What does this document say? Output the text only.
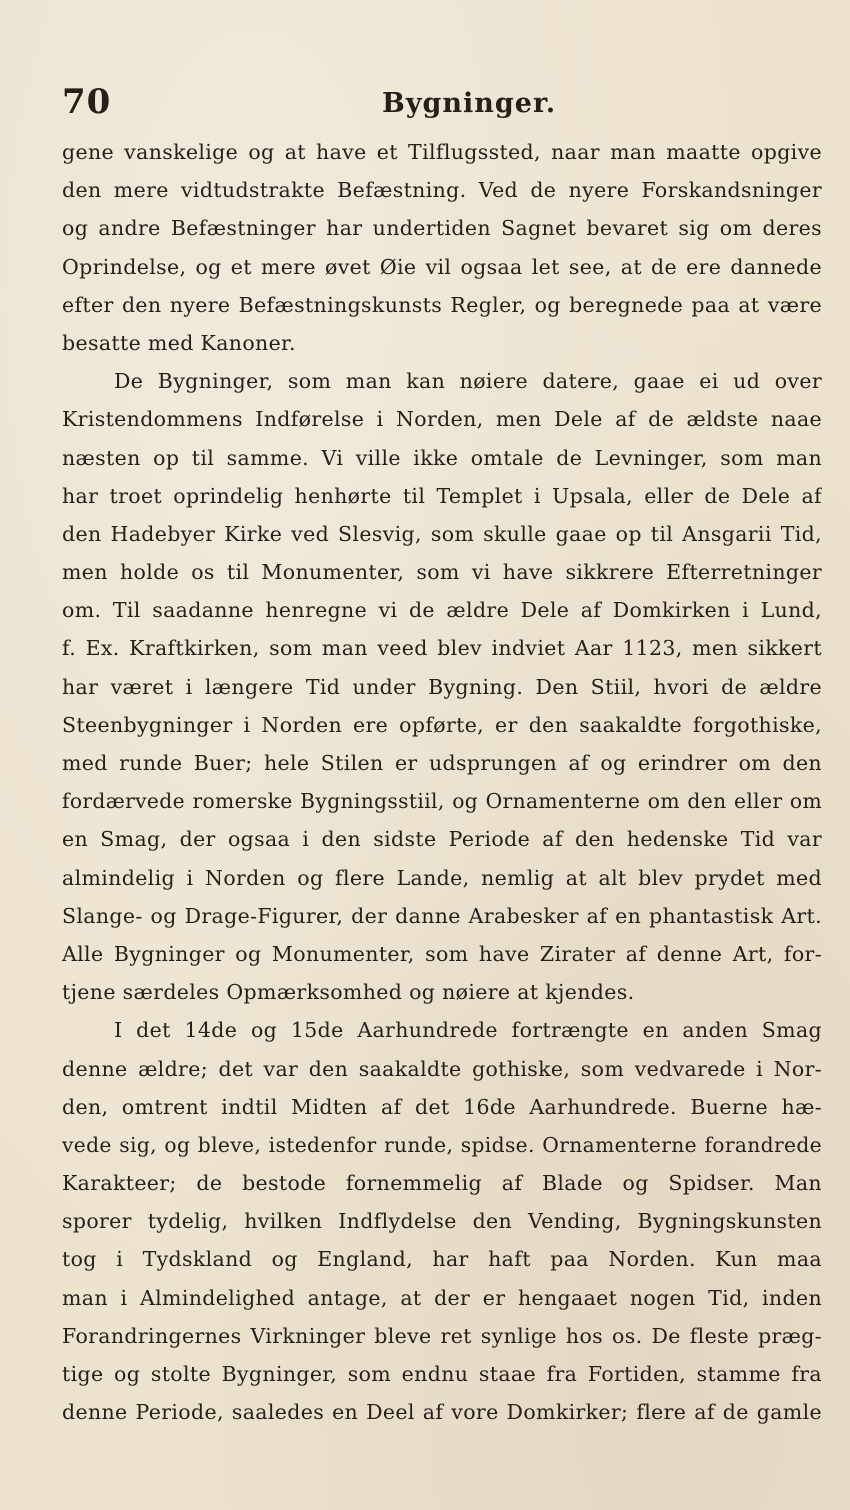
70	Bygninger.
gene vanskelige og at have et Tilflugssted, naar man maatte opgive
den mere vidtudstrakte Befæstning. Ved de nyere Forskandsninger
og andre Befæstninger har undertiden Sagnet bevaret sig om deres
Oprindelse, og et mere øvet Øie vil ogsaa let see, at de ere dannede
efter den nyere Befæstningskunsts Regler, og beregnede paa at være
besatte med Kanoner.
De Bygninger, som man kan nøiere datere, gaae ei ud over
Kristendommens Indførelse i Norden, men Dele af de ældste naae
næsten op til samme. Vi ville ikke omtale de Levninger, som man
har troet oprindelig henhørte til Templet i Upsala, eller de Dele af
den Hadebyer Kirke ved Slesvig, som skulle gaae op til Ansgarii Tid,
men holde os til Monumenter, som vi have sikkrere Efterretninger
om. Til saadanne henregne vi de ældre Dele af Domkirken i Lund,
f. Ex. Kraftkirken, som man veed blev indviet Aar 1123, men sikkert
har været i længere Tid under Bygning. Den Stiil, hvori de ældre
Steenbygninger i Norden ere opførte, er den saakaldte forgothiske,
med runde Buer; hele Stilen er udsprungen af og erindrer om den
fordærvede romerske Bygningsstiil, og Ornamenterne om den eller om
en Smag, der ogsaa i den sidste Periode af den hedenske Tid var
almindelig i Norden og flere Lande, nemlig at alt blev prydet med
Slange- og Drage-Figurer, der danne Arabesker af en phantastisk Art.
Alle Bygninger og Monumenter, som have Zirater af denne Art, for-
tjene særdeles Opmærksomhed og nøiere at kjendes.
I det 14de og 15de Aarhundrede fortrængte en anden Smag
denne ældre; det var den saakaldte gothiske, som vedvarede i Nor-
den, omtrent indtil Midten af det 16de Aarhundrede. Buerne hæ-
vede sig, og bleve, istedenfor runde, spidse. Ornamenterne forandrede
Karakteer; de bestode fornemmelig af Blade og Spidser. Man
sporer tydelig, hvilken Indflydelse den Vending, Bygningskunsten
tog i Tydskland og England, har haft paa Norden. Kun maa
man i Almindelighed antage, at der er hengaaet nogen Tid, inden
Forandringernes Virkninger bleve ret synlige hos os. De fleste præg-
tige og stolte Bygninger, som endnu staae fra Fortiden, stamme fra
denne Periode, saaledes en Deel af vore Domkirker; flere af de gamle
